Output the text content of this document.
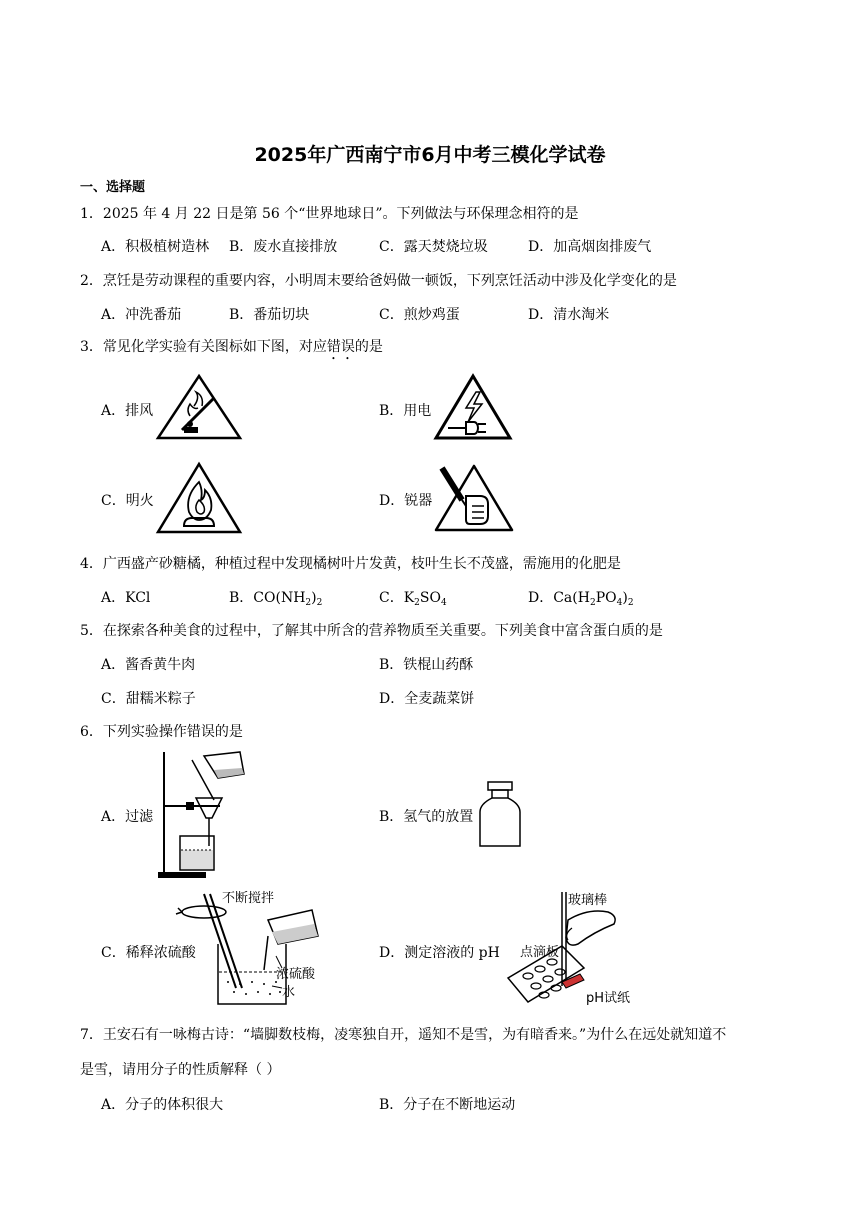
2025年广西南宁市6月中考三模化学试卷
一、选择题
1．2025 年 4 月 22 日是第 56 个“世界地球日”。下列做法与环保理念相符的是
A．积极植树造林 B．废水直接排放	C．露天焚烧垃圾	D．加高烟囱排废气
2．烹饪是劳动课程的重要内容，小明周末要给爸妈做一顿饭，下列烹饪活动中涉及化学变化的是
A．冲洗番茄	B．番茄切块	C．煎炒鸡蛋	D．清水淘米
3．常见化学实验有关图标如下图，对应错误的是
A．排风	B．用电
C．明火	D．锐器
4．广西盛产砂糖橘，种植过程中发现橘树叶片发黄，枝叶生长不茂盛，需施用的化肥是
A．KCl	B．$CO(NH_2)_2$	C．$K_2SO_4$	D．$Ca(H_2PO_4)_2$
5．在探索各种美食的过程中，了解其中所含的营养物质至关重要。下列美食中富含蛋白质的是
A．酱香黄牛肉	B．铁棍山药酥
C．甜糯米粽子	D．全麦蔬菜饼
6．下列实验操作错误的是
A．过滤	B．氢气的放置
C．稀释浓硫酸
不断搅拌
浓硫酸
水
D．测定溶液的 pH
玻璃棒
点滴板
pH试纸
7．王安石有一咏梅古诗：“墙脚数枝梅，凌寒独自开，遥知不是雪，为有暗香来。”为什么在远处就知道不
是雪，请用分子的性质解释（ ）
A．分子的体积很大	B．分子在不断地运动
